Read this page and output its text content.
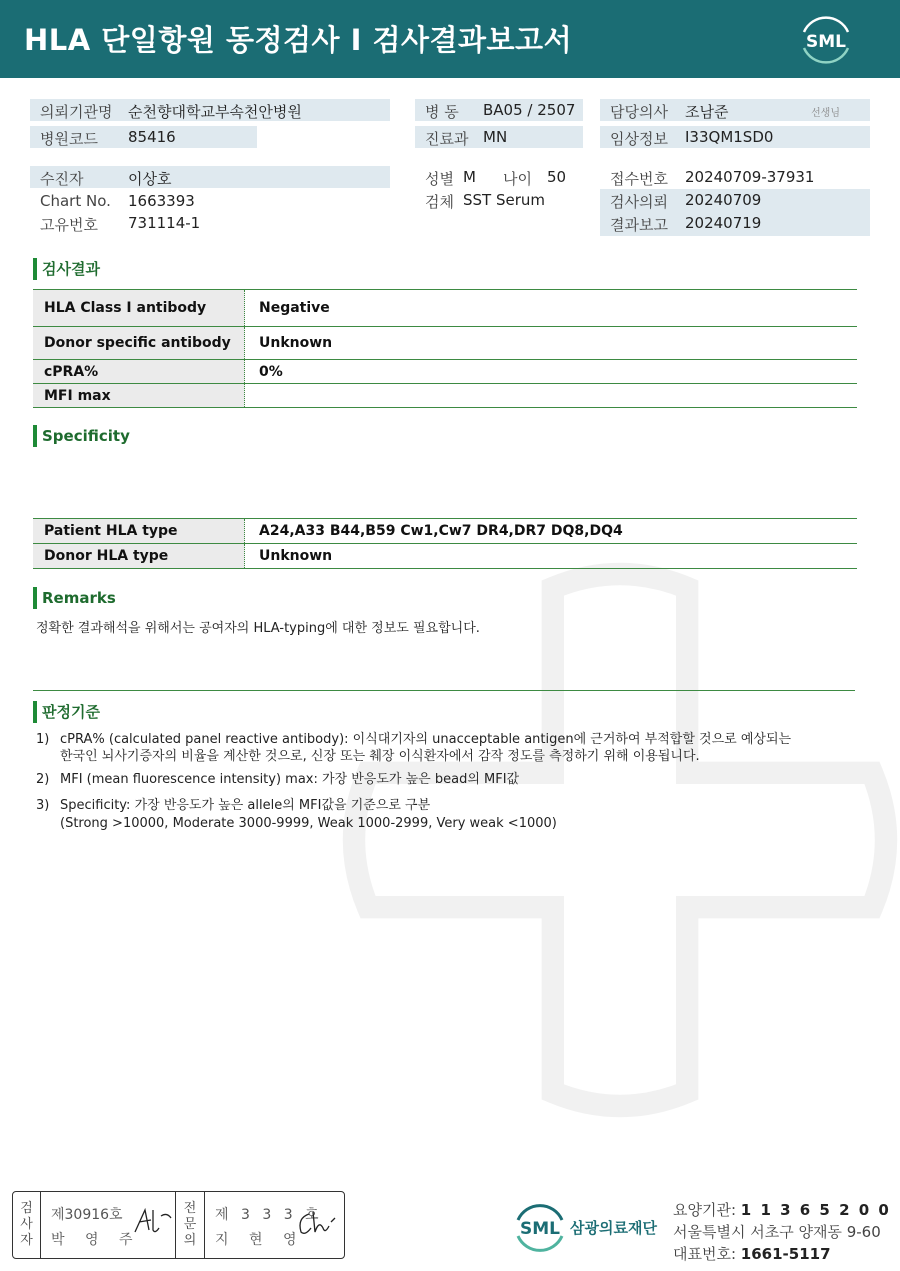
HLA 단일항원 동정검사 I 검사결과보고서	SML
의뢰기관명 순천향대학교부속천안병원
병원코드 85416
수진자	이상호
Chart No. 1663393
고유번호 731114-1
병 동 BA05 / 2507
진료과 MN
성별 M 나이 50
검체 SST Serum
담당의사 조남준	선생님
임상정보 I33QM1SD0
접수번호 20240709-37931
검사의뢰 20240709
결과보고 20240719
검사결과
HLA Class I antibody	Negative
Donor specific antibody	Unknown
cPRA%	0%
MFI max
Specificity
Patient HLA type	A24,A33 B44,B59 Cw1,Cw7 DR4,DR7 DQ8,DQ4
Donor HLA type	Unknown
Remarks
정확한 결과해석을 위해서는 공여자의 HLA-typing에 대한 정보도 필요합니다.
판정기준
1) cPRA% (calculated panel reactive antibody): 이식대기자의 unacceptable antigen에 근거하여 부적합할 것으로 예상되는
한국인 뇌사기증자의 비율을 계산한 것으로, 신장 또는 췌장 이식환자에서 감작 정도를 측정하기 위해 이용됩니다.
2) MFI (mean fluorescence intensity) max: 가장 반응도가 높은 bead의 MFI값
3) Specificity: 가장 반응도가 높은 allele의 MFI값을 기준으로 구분
(Strong >10000, Moderate 3000-9999, Weak 1000-2999, Very weak <1000)
검
사
자
제30916호
박 영 주
전
문
의
제 3 3 3 호
지 현 영
SML 삼광의료재단
요양기관: 1 1 3 6 5 2 0 0
서울특별시 서초구 양재동 9-60
대표번호: 1661-5117
